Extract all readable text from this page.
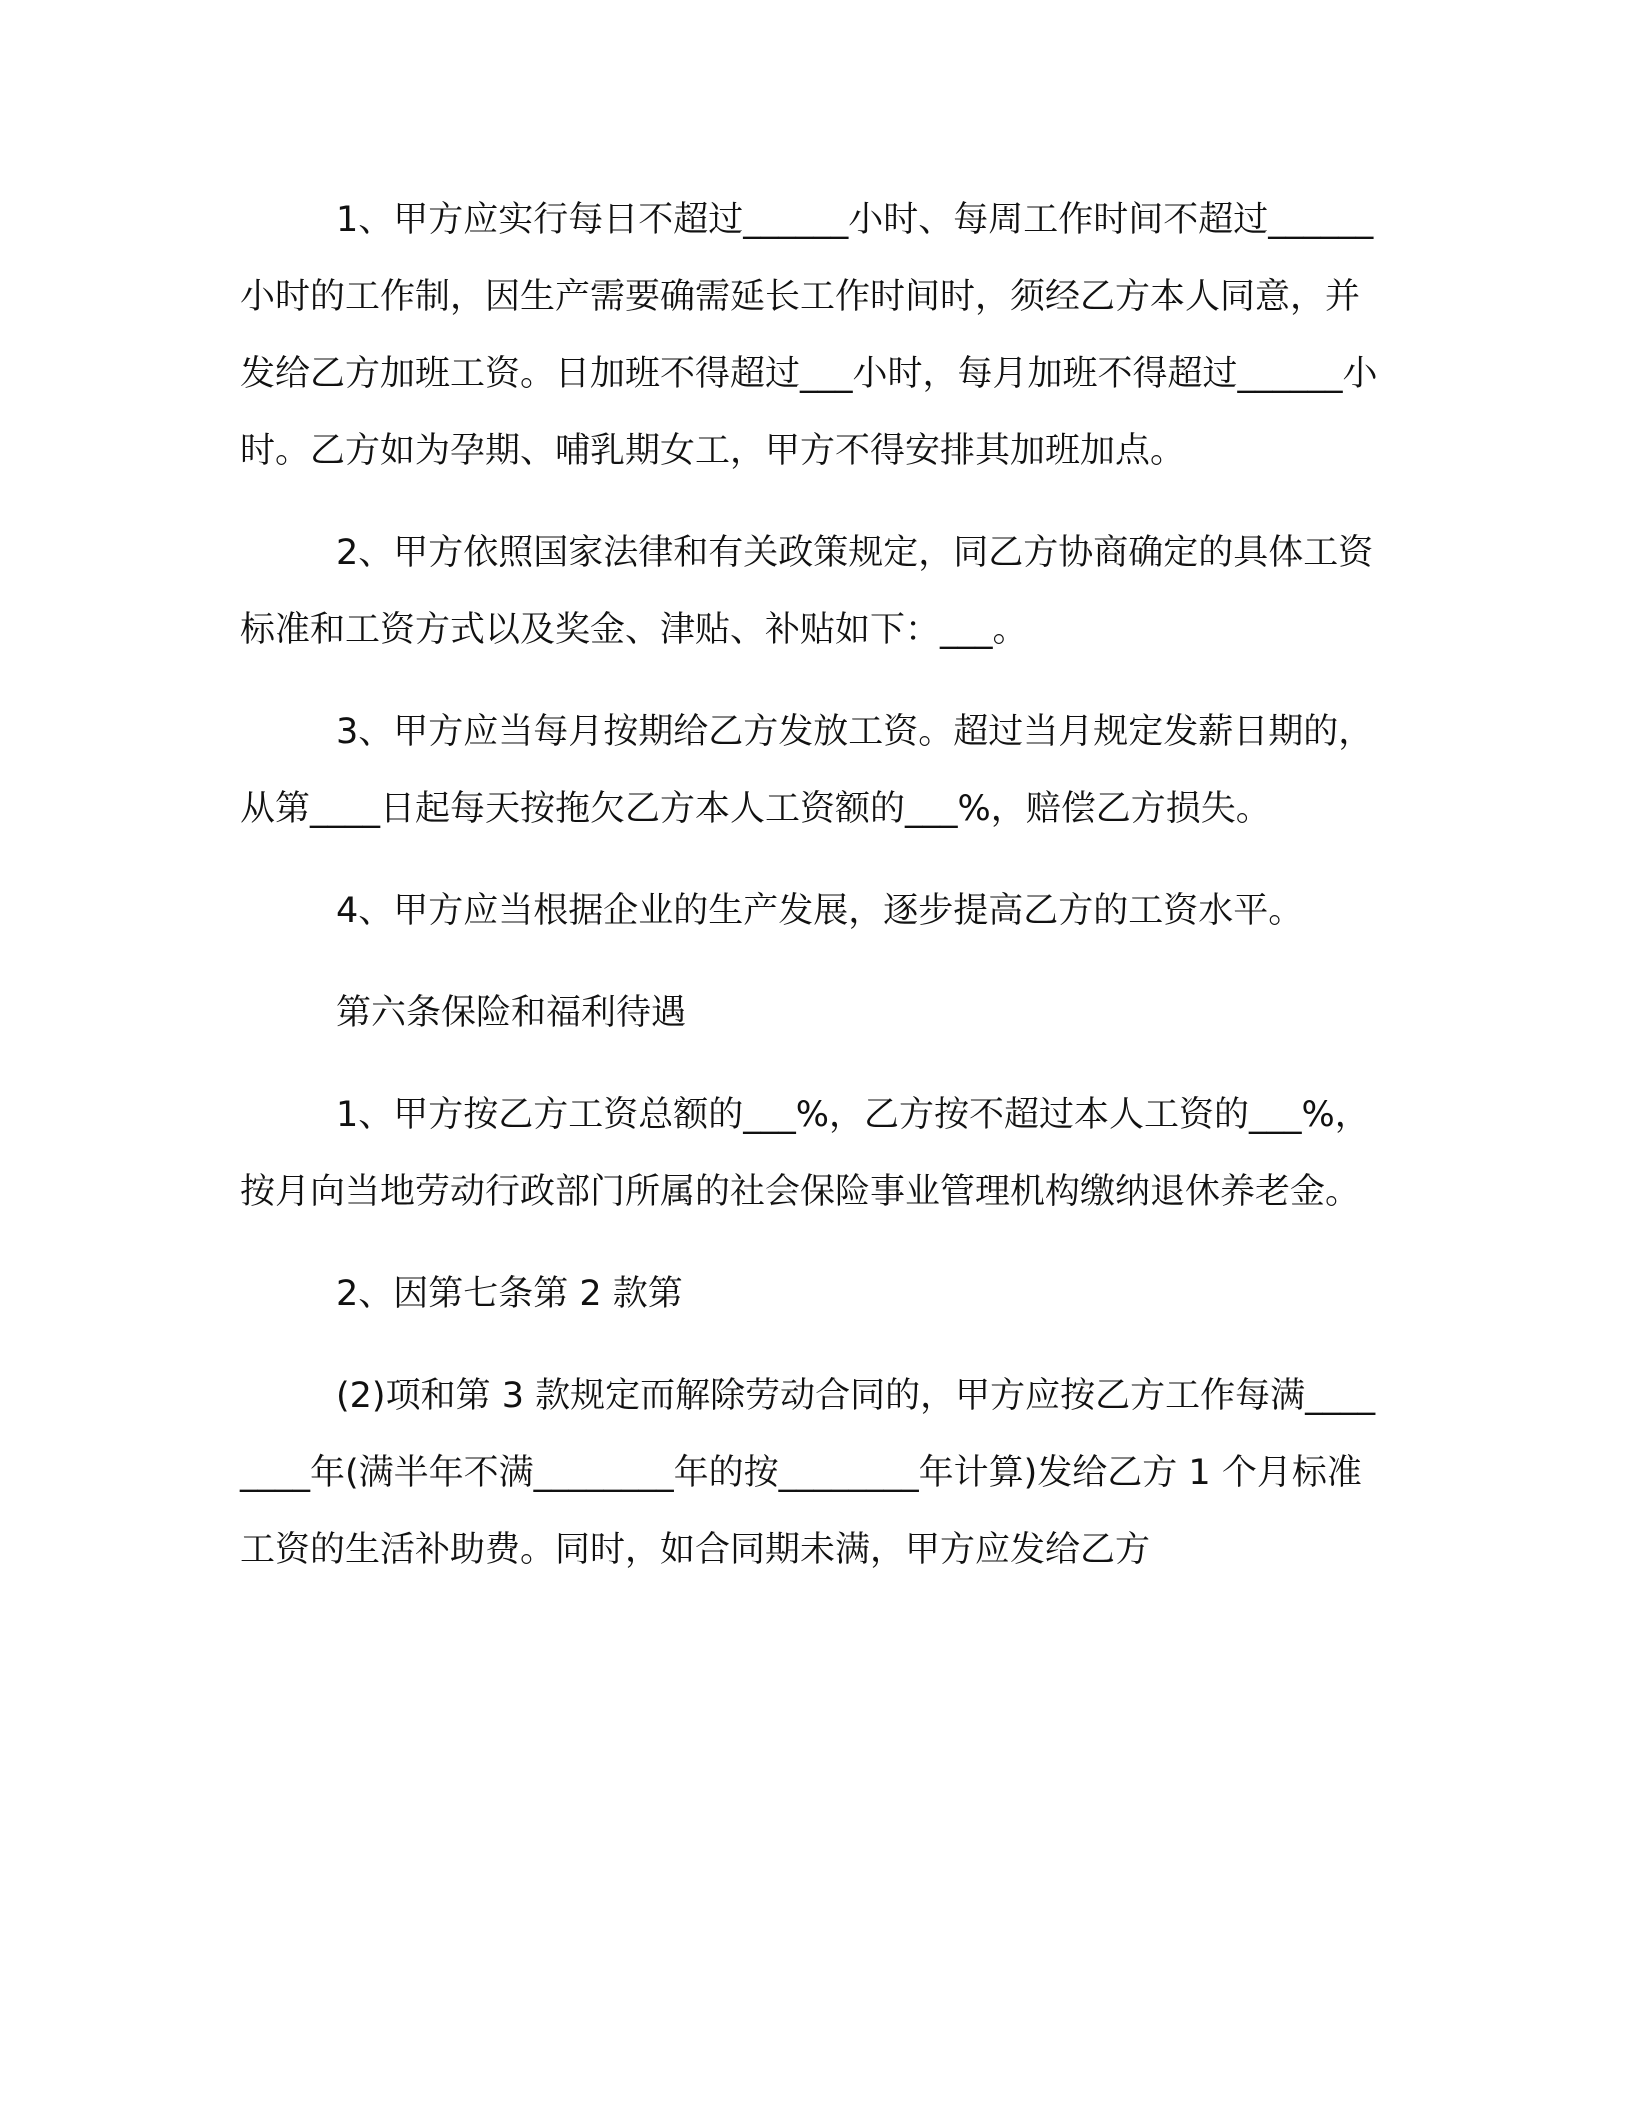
1、甲方应实行每日不超过______小时、每周工作时间不超过______小时的工作制，因生产需要确需延长工作时间时，须经乙方本人同意，并发给乙方加班工资。日加班不得超过___小时，每月加班不得超过______小时。乙方如为孕期、哺乳期女工，甲方不得安排其加班加点。

2、甲方依照国家法律和有关政策规定，同乙方协商确定的具体工资标准和工资方式以及奖金、津贴、补贴如下：___。

3、甲方应当每月按期给乙方发放工资。超过当月规定发薪日期的，从第____日起每天按拖欠乙方本人工资额的___%，赔偿乙方损失。

4、甲方应当根据企业的生产发展，逐步提高乙方的工资水平。

第六条保险和福利待遇

1、甲方按乙方工资总额的___%，乙方按不超过本人工资的___%，按月向当地劳动行政部门所属的社会保险事业管理机构缴纳退休养老金。

2、因第七条第 2 款第

(2)项和第 3 款规定而解除劳动合同的，甲方应按乙方工作每满________年(满半年不满________年的按________年计算)发给乙方 1 个月标准工资的生活补助费。同时，如合同期未满，甲方应发给乙方
